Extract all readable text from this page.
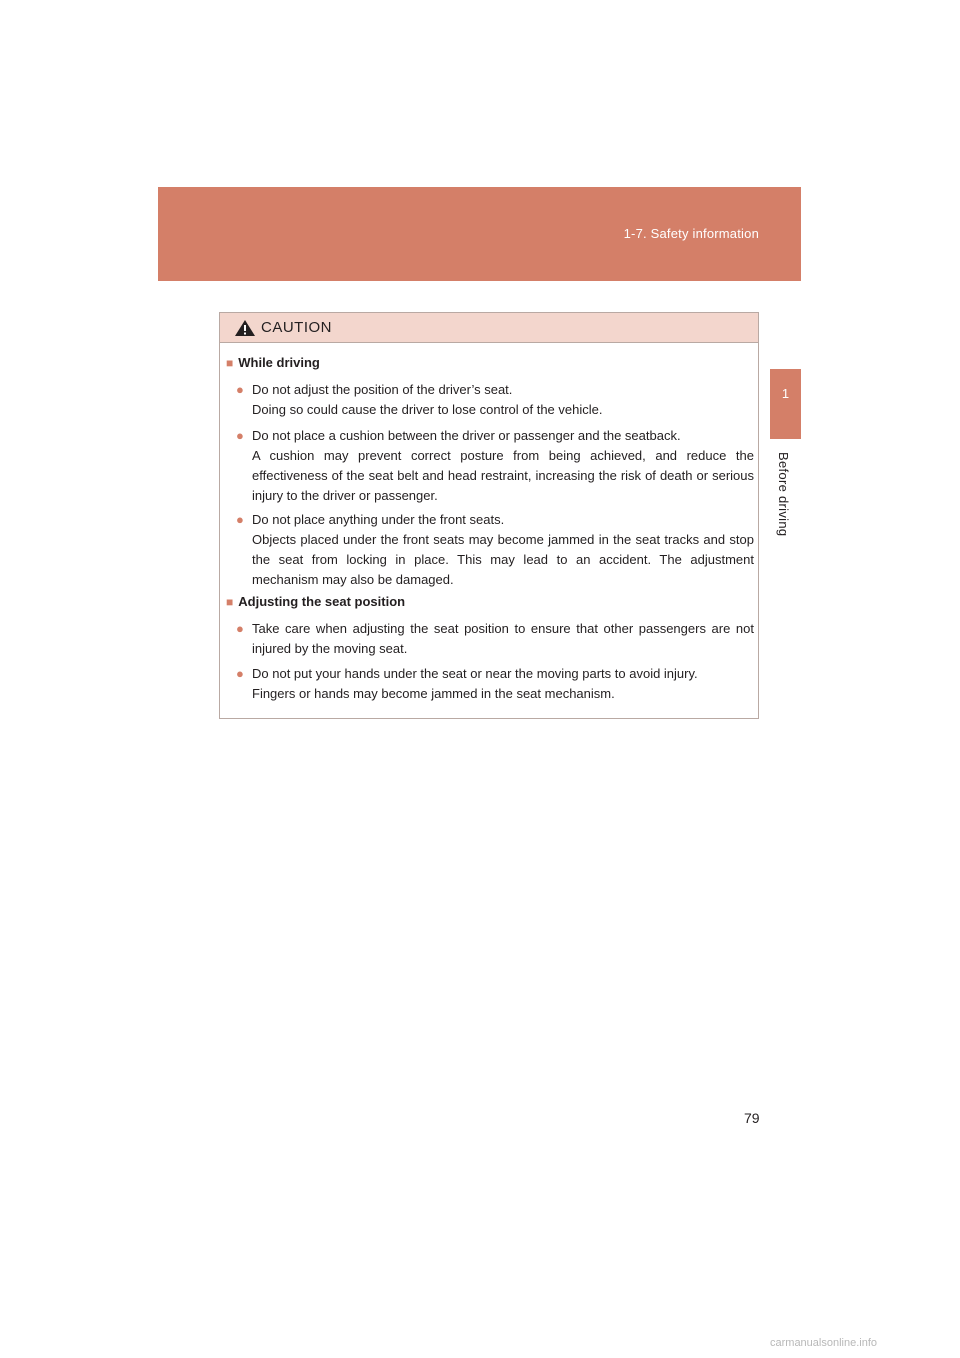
1-7. Safety information
1
Before driving
CAUTION
■ While driving
● Do not adjust the position of the driver’s seat.

Doing so could cause the driver to lose control of the vehicle.

● Do not place a cushion between the driver or passenger and the seatback.

A cushion may prevent correct posture from being achieved, and reduce the effectiveness of the seat belt and head restraint, increasing the risk of death or serious injury to the driver or passenger.

● Do not place anything under the front seats.

Objects placed under the front seats may become jammed in the seat tracks and stop the seat from locking in place. This may lead to an accident. The adjustment mechanism may also be damaged.

■ Adjusting the seat position
● Take care when adjusting the seat position to ensure that other passengers are not injured by the moving seat.

● Do not put your hands under the seat or near the moving parts to avoid injury.

Fingers or hands may become jammed in the seat mechanism.

79
carmanualsonline.info
